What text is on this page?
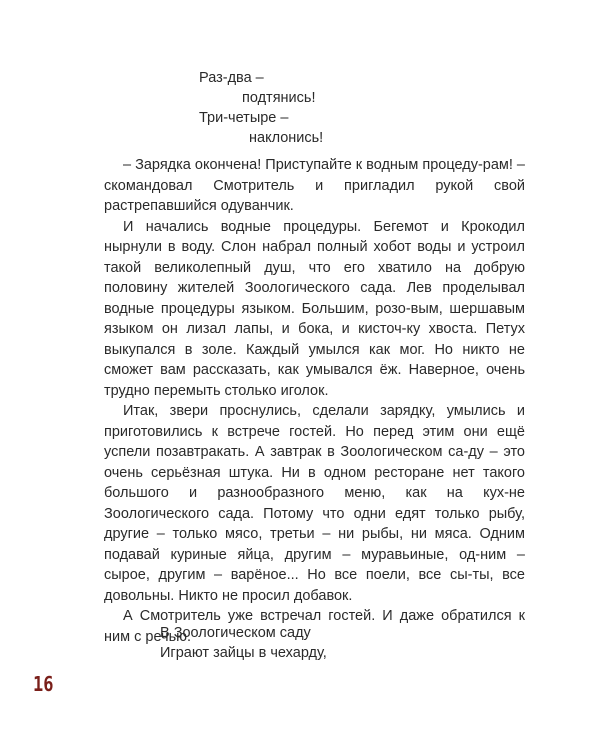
Раз-два –
подтянись!
Три-четыре –
наклонись!

– Зарядка окончена! Приступайте к водным процеду-рам! – скомандовал Смотритель и пригладил рукой свой растрепавшийся одуванчик.

И начались водные процедуры. Бегемот и Крокодил нырнули в воду. Слон набрал полный хобот воды и устроил такой великолепный душ, что его хватило на добрую половину жителей Зоологического сада. Лев проделывал водные процедуры языком. Большим, розо-вым, шершавым языком он лизал лапы, и бока, и кисточ-ку хвоста. Петух выкупался в золе. Каждый умылся как мог. Но никто не сможет вам рассказать, как умывался ёж. Наверное, очень трудно перемыть столько иголок.

Итак, звери проснулись, сделали зарядку, умылись и приготовились к встрече гостей. Но перед этим они ещё успели позавтракать. А завтрак в Зоологическом са-ду – это очень серьёзная штука. Ни в одном ресторане нет такого большого и разнообразного меню, как на кух-не Зоологического сада. Потому что одни едят только рыбу, другие – только мясо, третьи – ни рыбы, ни мяса. Одним подавай куриные яйца, другим – муравьиные, од-ним – сырое, другим – варёное... Но все поели, все сы-ты, все довольны. Никто не просил добавок.

А Смотритель уже встречал гостей. И даже обратился к ним с речью.

В Зоологическом саду
Играют зайцы в чехарду,
16
